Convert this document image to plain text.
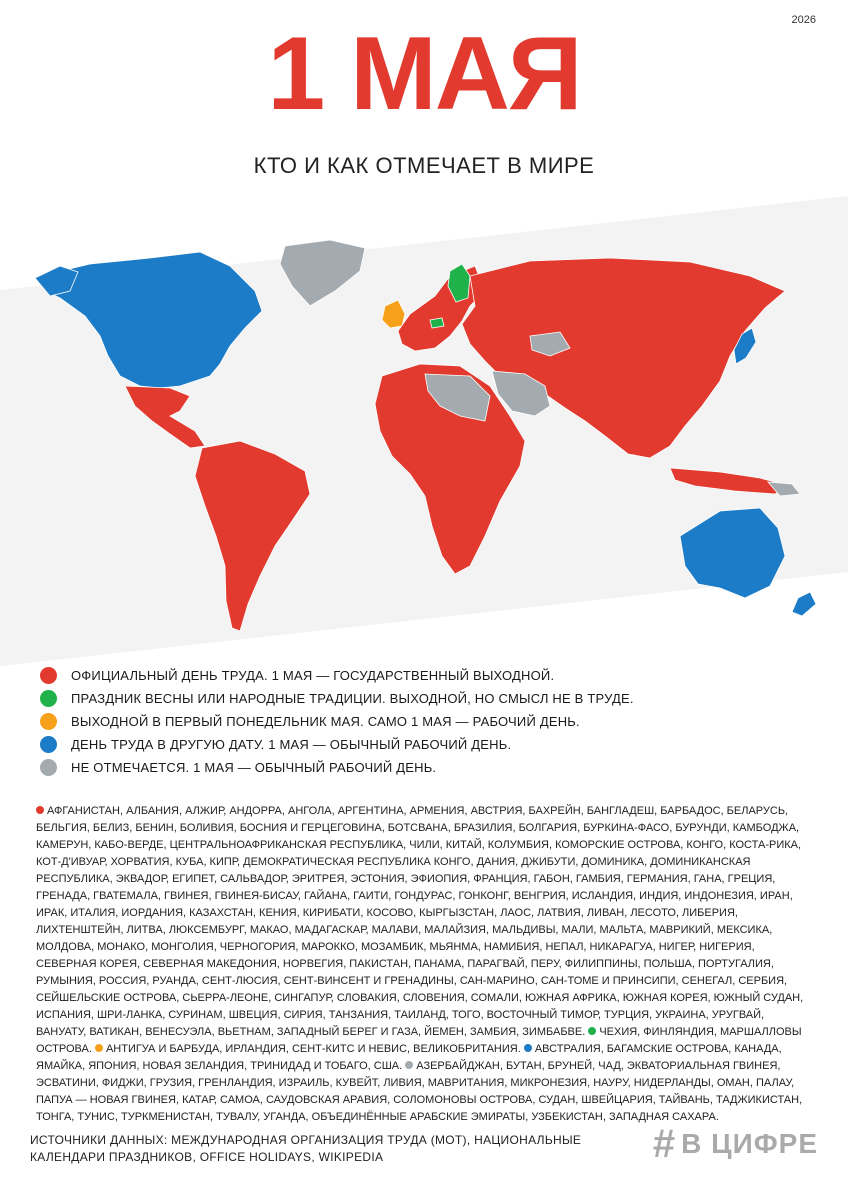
2026
1 МАЯ
КТО И КАК ОТМЕЧАЕТ В МИРЕ
ОФИЦИАЛЬНЫЙ ДЕНЬ ТРУДА. 1 МАЯ — ГОСУДАРСТВЕННЫЙ ВЫХОДНОЙ.
ПРАЗДНИК ВЕСНЫ ИЛИ НАРОДНЫЕ ТРАДИЦИИ. ВЫХОДНОЙ, НО СМЫСЛ НЕ В ТРУДЕ.
ВЫХОДНОЙ В ПЕРВЫЙ ПОНЕДЕЛЬНИК МАЯ. САМО 1 МАЯ — РАБОЧИЙ ДЕНЬ.
ДЕНЬ ТРУДА В ДРУГУЮ ДАТУ. 1 МАЯ — ОБЫЧНЫЙ РАБОЧИЙ ДЕНЬ.
НЕ ОТМЕЧАЕТСЯ. 1 МАЯ — ОБЫЧНЫЙ РАБОЧИЙ ДЕНЬ.
АФГАНИСТАН, АЛБАНИЯ, АЛЖИР, АНДОРРА, АНГОЛА, АРГЕНТИНА, АРМЕНИЯ, АВСТРИЯ, БАХРЕЙН, БАНГЛАДЕШ, БАРБАДОС, БЕЛАРУСЬ, БЕЛЬГИЯ, БЕЛИЗ, БЕНИН, БОЛИВИЯ, БОСНИЯ И ГЕРЦЕГОВИНА, БОТСВАНА, БРАЗИЛИЯ, БОЛГАРИЯ, БУРКИНА-ФАСО, БУРУНДИ, КАМБОДЖА, КАМЕРУН, КАБО-ВЕРДЕ, ЦЕНТРАЛЬНОАФРИКАНСКАЯ РЕСПУБЛИКА, ЧИЛИ, КИТАЙ, КОЛУМБИЯ, КОМОРСКИЕ ОСТРОВА, КОНГО, КОСТА-РИКА, КОТ-Д'ИВУАР, ХОРВАТИЯ, КУБА, КИПР, ДЕМОКРАТИЧЕСКАЯ РЕСПУБЛИКА КОНГО, ДАНИЯ, ДЖИБУТИ, ДОМИНИКА, ДОМИНИКАНСКАЯ РЕСПУБЛИКА, ЭКВАДОР, ЕГИПЕТ, САЛЬВАДОР, ЭРИТРЕЯ, ЭСТОНИЯ, ЭФИОПИЯ, ФРАНЦИЯ, ГАБОН, ГАМБИЯ, ГЕРМАНИЯ, ГАНА, ГРЕЦИЯ, ГРЕНАДА, ГВАТЕМАЛА, ГВИНЕЯ, ГВИНЕЯ-БИСАУ, ГАЙАНА, ГАИТИ, ГОНДУРАС, ГОНКОНГ, ВЕНГРИЯ, ИСЛАНДИЯ, ИНДИЯ, ИНДОНЕЗИЯ, ИРАН, ИРАК, ИТАЛИЯ, ИОРДАНИЯ, КАЗАХСТАН, КЕНИЯ, КИРИБАТИ, КОСОВО, КЫРГЫЗСТАН, ЛАОС, ЛАТВИЯ, ЛИВАН, ЛЕСОТО, ЛИБЕРИЯ, ЛИХТЕНШТЕЙН, ЛИТВА, ЛЮКСЕМБУРГ, МАКАО, МАДАГАСКАР, МАЛАВИ, МАЛАЙЗИЯ, МАЛЬДИВЫ, МАЛИ, МАЛЬТА, МАВРИКИЙ, МЕКСИКА, МОЛДОВА, МОНАКО, МОНГОЛИЯ, ЧЕРНОГОРИЯ, МАРОККО, МОЗАМБИК, МЬЯНМА, НАМИБИЯ, НЕПАЛ, НИКАРАГУА, НИГЕР, НИГЕРИЯ, СЕВЕРНАЯ КОРЕЯ, СЕВЕРНАЯ МАКЕДОНИЯ, НОРВЕГИЯ, ПАКИСТАН, ПАНАМА, ПАРАГВАЙ, ПЕРУ, ФИЛИППИНЫ, ПОЛЬША, ПОРТУГАЛИЯ, РУМЫНИЯ, РОССИЯ, РУАНДА, СЕНТ-ЛЮСИЯ, СЕНТ-ВИНСЕНТ И ГРЕНАДИНЫ, САН-МАРИНО, САН-ТОМЕ И ПРИНСИПИ, СЕНЕГАЛ, СЕРБИЯ, СЕЙШЕЛЬСКИЕ ОСТРОВА, СЬЕРРА-ЛЕОНЕ, СИНГАПУР, СЛОВАКИЯ, СЛОВЕНИЯ, СОМАЛИ, ЮЖНАЯ АФРИКА, ЮЖНАЯ КОРЕЯ, ЮЖНЫЙ СУДАН, ИСПАНИЯ, ШРИ-ЛАНКА, СУРИНАМ, ШВЕЦИЯ, СИРИЯ, ТАНЗАНИЯ, ТАИЛАНД, ТОГО, ВОСТОЧНЫЙ ТИМОР, ТУРЦИЯ, УКРАИНА, УРУГВАЙ, ВАНУАТУ, ВАТИКАН, ВЕНЕСУЭЛА, ВЬЕТНАМ, ЗАПАДНЫЙ БЕРЕГ И ГАЗА, ЙЕМЕН, ЗАМБИЯ, ЗИМБАБВЕ. ЧЕХИЯ, ФИНЛЯНДИЯ, МАРШАЛЛОВЫ ОСТРОВА. АНТИГУА И БАРБУДА, ИРЛАНДИЯ, СЕНТ-КИТС И НЕВИС, ВЕЛИКОБРИТАНИЯ. АВСТРАЛИЯ, БАГАМСКИЕ ОСТРОВА, КАНАДА, ЯМАЙКА, ЯПОНИЯ, НОВАЯ ЗЕЛАНДИЯ, ТРИНИДАД И ТОБАГО, США. АЗЕРБАЙДЖАН, БУТАН, БРУНЕЙ, ЧАД, ЭКВАТОРИАЛЬНАЯ ГВИНЕЯ, ЭСВАТИНИ, ФИДЖИ, ГРУЗИЯ, ГРЕНЛАНДИЯ, ИЗРАИЛЬ, КУВЕЙТ, ЛИВИЯ, МАВРИТАНИЯ, МИКРОНЕЗИЯ, НАУРУ, НИДЕРЛАНДЫ, ОМАН, ПАЛАУ, ПАПУА — НОВАЯ ГВИНЕЯ, КАТАР, САМОА, САУДОВСКАЯ АРАВИЯ, СОЛОМОНОВЫ ОСТРОВА, СУДАН, ШВЕЙЦАРИЯ, ТАЙВАНЬ, ТАДЖИКИСТАН, ТОНГА, ТУНИС, ТУРКМЕНИСТАН, ТУВАЛУ, УГАНДА, ОБЪЕДИНЁННЫЕ АРАБСКИЕ ЭМИРАТЫ, УЗБЕКИСТАН, ЗАПАДНАЯ САХАРА.
ИСТОЧНИКИ ДАННЫХ: МЕЖДУНАРОДНАЯ ОРГАНИЗАЦИЯ ТРУДА (МОТ), НАЦИОНАЛЬНЫЕ КАЛЕНДАРИ ПРАЗДНИКОВ, OFFICE HOLIDAYS, WIKIPEDIA	# В ЦИФРЕ
